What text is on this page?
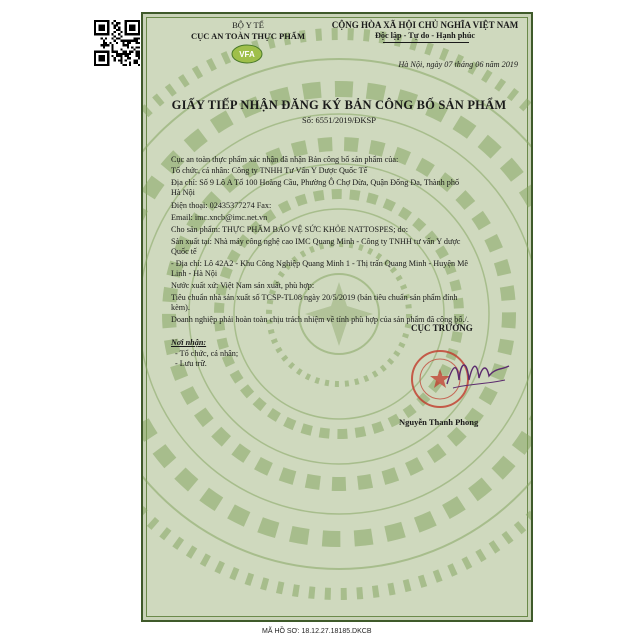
BỘ Y TẾ
CỤC AN TOÀN THỰC PHẨM
VFA
CỘNG HÒA XÃ HỘI CHỦ NGHĨA VIỆT NAM
Độc lập - Tự do - Hạnh phúc
Hà Nội, ngày 07 tháng 06 năm 2019
GIẤY TIẾP NHẬN ĐĂNG KÝ BẢN CÔNG BỐ SẢN PHẨM
Số: 6551/2019/ĐKSP
Cục an toàn thực phẩm xác nhận đã nhận Bản công bố sản phẩm của:
Tổ chức, cá nhân: Công ty TNHH Tư Vấn Y Dược Quốc Tế
Địa chỉ: Số 9 Lô A Tổ 100 Hoàng Cầu, Phường Ô Chợ Dừa, Quận Đống Đa, Thành phố
Hà Nội
Điện thoại: 02435377274 Fax:
Email: imc.xncb@imc.net.vn
Cho sản phẩm: THỰC PHẨM BẢO VỆ SỨC KHỎE NATTOSPES; do:
Sản xuất tại: Nhà máy công nghệ cao IMC Quang Minh - Công ty TNHH tư vấn Y dược
Quốc tế
- Địa chỉ: Lô 42A2 - Khu Công Nghiệp Quang Minh 1 - Thị trấn Quang Minh - Huyện Mê
Linh - Hà Nội
Nước xuất xứ: Việt Nam sản xuất, phù hợp:
Tiêu chuẩn nhà sản xuất số TCSP-TL08 ngày 20/5/2019 (bản tiêu chuẩn sản phẩm đính
kèm).
Doanh nghiệp phải hoàn toàn chịu trách nhiệm về tính phù hợp của sản phẩm đã công bố./.
CỤC TRƯỞNG
Nơi nhận:
- Tổ chức, cá nhân;
- Lưu trữ.
Nguyễn Thanh Phong
MÃ HỒ SƠ: 18.12.27.18185.DKCB
